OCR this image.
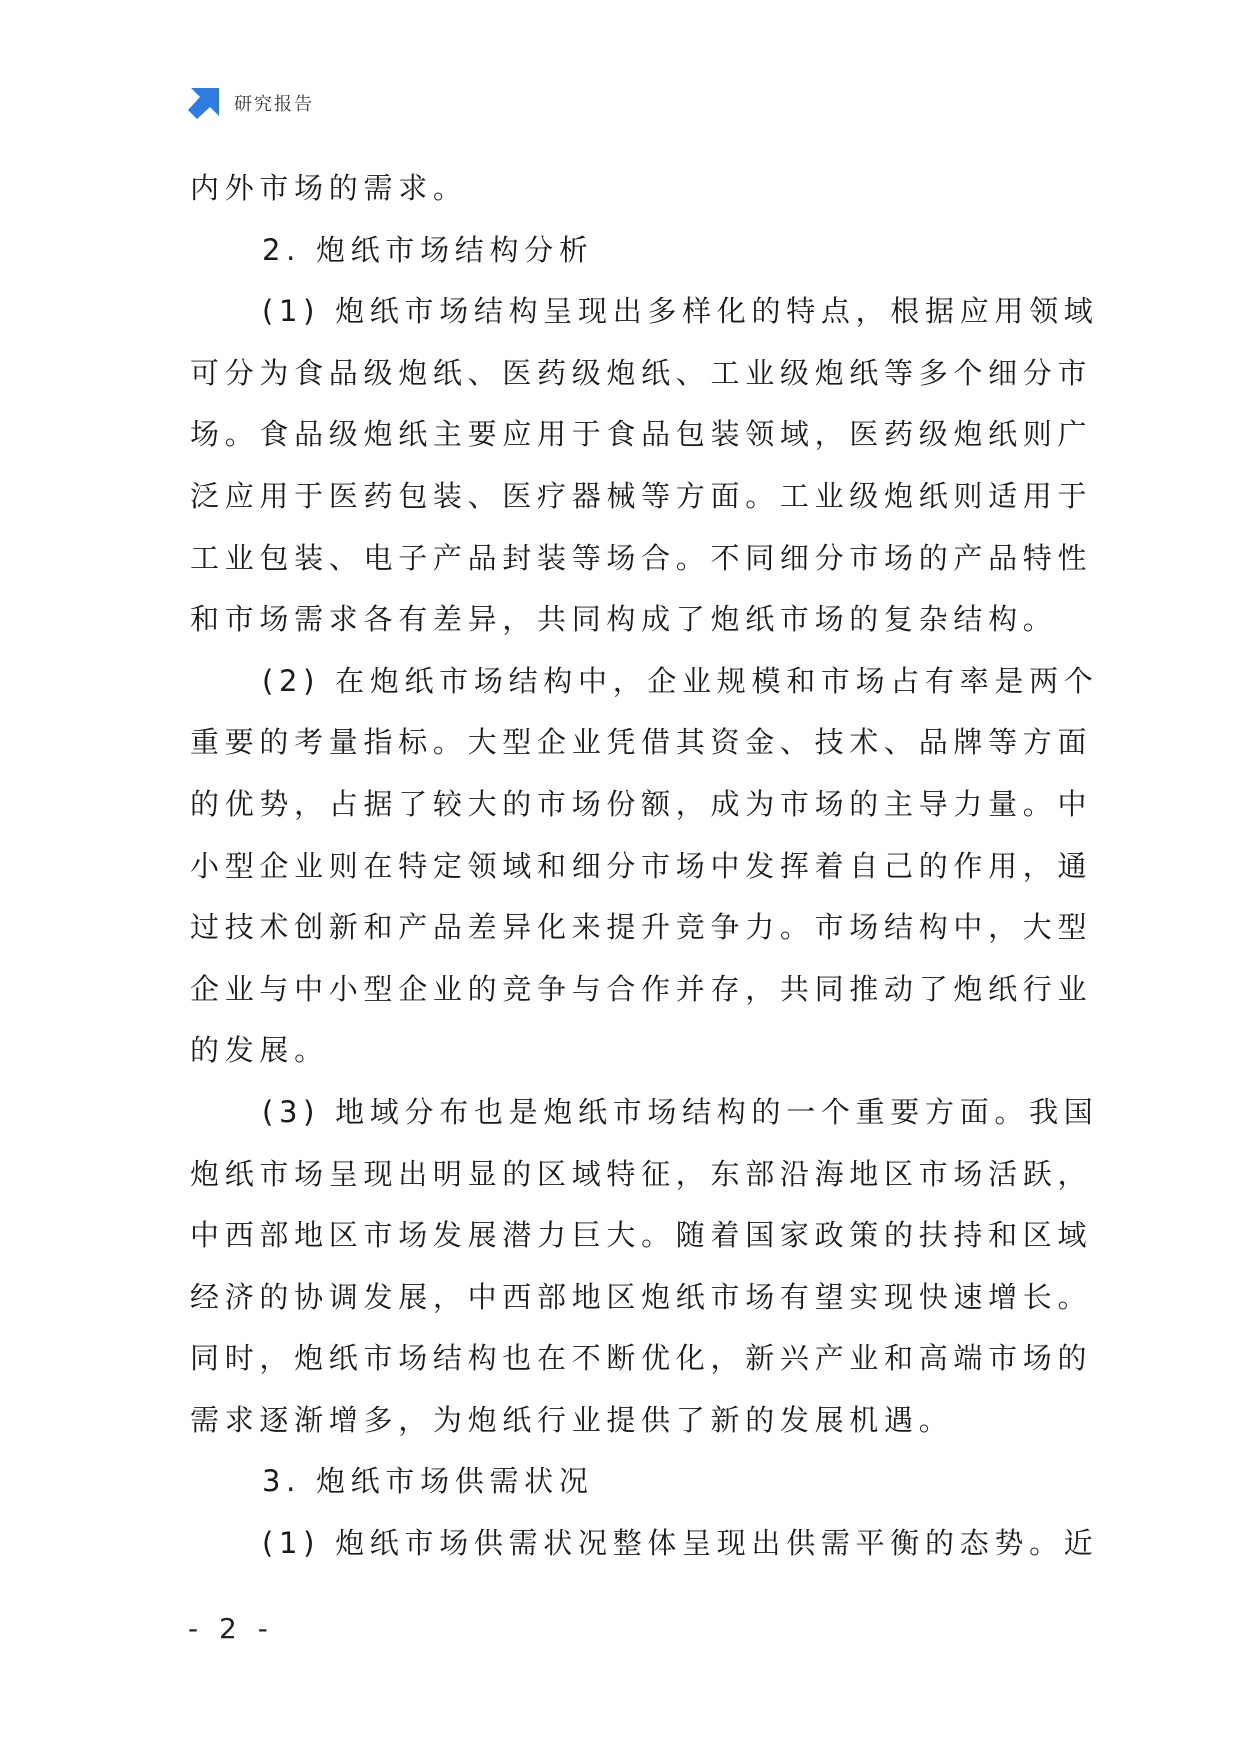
研究报告
内外市场的需求。
2. 炮纸市场结构分析
(1) 炮纸市场结构呈现出多样化的特点，根据应用领域
可分为食品级炮纸、医药级炮纸、工业级炮纸等多个细分市
场。食品级炮纸主要应用于食品包装领域，医药级炮纸则广
泛应用于医药包装、医疗器械等方面。工业级炮纸则适用于
工业包装、电子产品封装等场合。不同细分市场的产品特性
和市场需求各有差异，共同构成了炮纸市场的复杂结构。
(2) 在炮纸市场结构中，企业规模和市场占有率是两个
重要的考量指标。大型企业凭借其资金、技术、品牌等方面
的优势，占据了较大的市场份额，成为市场的主导力量。中
小型企业则在特定领域和细分市场中发挥着自己的作用，通
过技术创新和产品差异化来提升竞争力。市场结构中，大型
企业与中小型企业的竞争与合作并存，共同推动了炮纸行业
的发展。
(3) 地域分布也是炮纸市场结构的一个重要方面。我国
炮纸市场呈现出明显的区域特征，东部沿海地区市场活跃，
中西部地区市场发展潜力巨大。随着国家政策的扶持和区域
经济的协调发展，中西部地区炮纸市场有望实现快速增长。
同时，炮纸市场结构也在不断优化，新兴产业和高端市场的
需求逐渐增多，为炮纸行业提供了新的发展机遇。
3. 炮纸市场供需状况
(1) 炮纸市场供需状况整体呈现出供需平衡的态势。近
- 2 -
